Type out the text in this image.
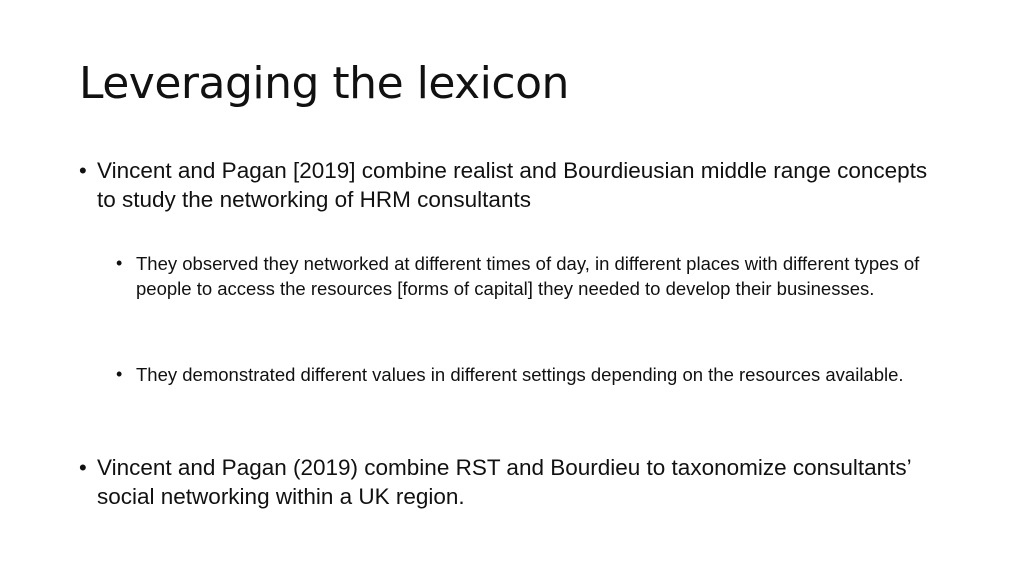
Leveraging the lexicon
• Vincent and Pagan [2019] combine realist and Bourdieusian middle range concepts to study the networking of HRM consultants
• They observed they networked at different times of day, in different places with different types of people to access the resources [forms of capital] they needed to develop their businesses.
• They demonstrated different values in different settings depending on the resources available.
• Vincent and Pagan (2019) combine RST and Bourdieu to taxonomize consultants’ social networking within a UK region.
